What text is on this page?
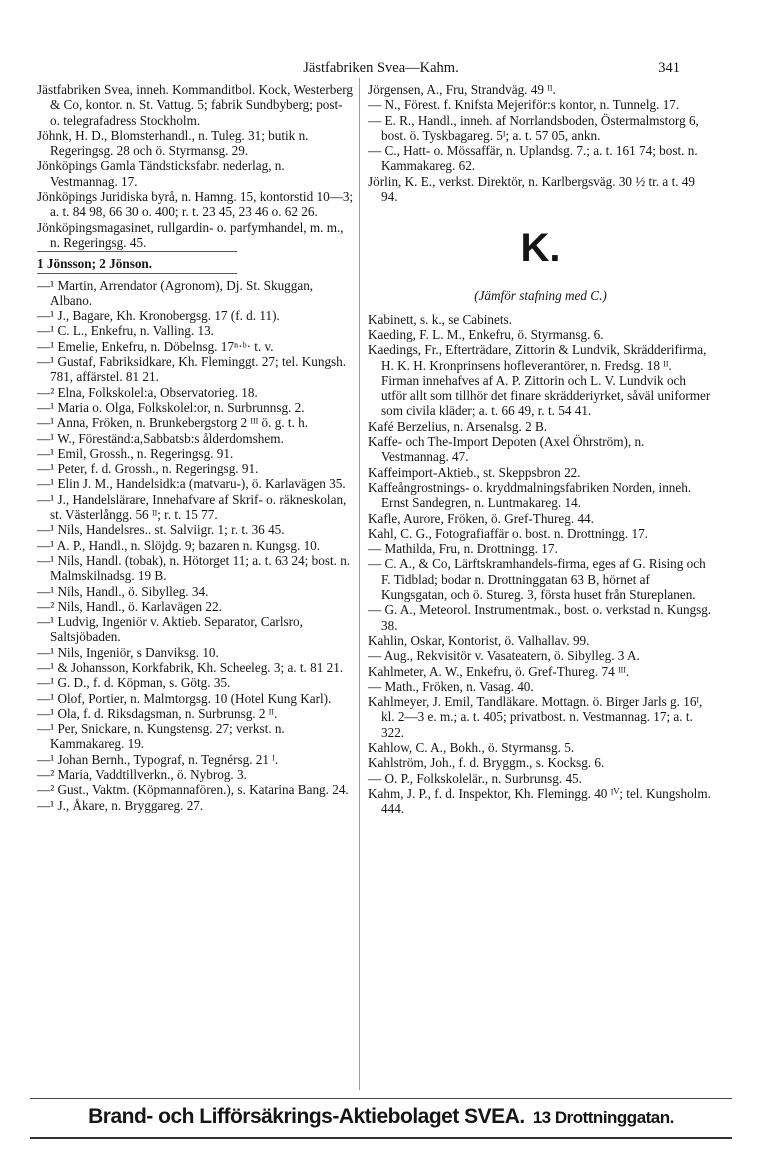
Jästfabriken Svea—Kahm.	341
Jästfabriken Svea, inneh. Kommanditbol. Kock, Westerberg & Co, kontor. n. St. Vattug. 5; fabrik Sundbyberg; post- o. telegrafadress Stockholm.
Jöhnk, H. D., Blomsterhandl., n. Tuleg. 31; butik n. Regeringsg. 28 och ö. Styrmansg. 29.
Jönköpings Gamla Tändsticksfabr. nederlag, n. Vestmannag. 17.
Jönköpings Juridiska byrå, n. Hamng. 15, kontorstid 10—3; a. t. 84 98, 66 30 o. 400; r. t. 23 45, 23 46 o. 62 26.
Jönköpingsmagasinet, rullgardin- o. parfymhandel, m. m., n. Regeringsg. 45.
1 Jönsson; 2 Jönson.
—¹ Martin, Arrendator (Agronom), Dj. St. Skuggan, Albano.
—¹ J., Bagare, Kh. Kronobergsg. 17 (f. d. 11).
—¹ C. L., Enkefru, n. Valling. 13.
—¹ Emelie, Enkefru, n. Döbelnsg. 17ⁿ·ᵇ· t. v.
—¹ Gustaf, Fabriksidkare, Kh. Fleminggt. 27; tel. Kungsh. 781, affärstel. 81 21.
—² Elna, Folkskolel:a, Observatorieg. 18.
—¹ Maria o. Olga, Folkskolel:or, n. Surbrunnsg. 2.
—¹ Anna, Fröken, n. Brunkebergstorg 2 ᴵᴵᴵ ö. g. t. h.
—¹ W., Föreständ:a,Sabbatsb:s ålderdomshem.
—¹ Emil, Grossh., n. Regeringsg. 91.
—¹ Peter, f. d. Grossh., n. Regeringsg. 91.
—¹ Elin J. M., Handelsidk:a (matvaru-), ö. Karlavägen 35.
—¹ J., Handelslärare, Innehafvare af Skrif- o. räkneskolan, st. Västerlångg. 56 ᴵᴵ; r. t. 15 77.
—¹ Nils, Handelsres.. st. Salviigr. 1; r. t. 36 45.
—¹ A. P., Handl., n. Slöjdg. 9; bazaren n. Kungsg. 10.
—¹ Nils, Handl. (tobak), n. Hötorget 11; a. t. 63 24; bost. n. Malmskilnadsg. 19 B.
—¹ Nils, Handl., ö. Sibylleg. 34.
—² Nils, Handl., ö. Karlavägen 22.
—¹ Ludvig, Ingeniör v. Aktieb. Separator, Carlsro, Saltsjöbaden.
—¹ Nils, Ingeniör, s Danviksg. 10.
—¹ & Johansson, Korkfabrik, Kh. Scheeleg. 3; a. t. 81 21.
—¹ G. D., f. d. Köpman, s. Götg. 35.
—¹ Olof, Portier, n. Malmtorgsg. 10 (Hotel Kung Karl).
—¹ Ola, f. d. Riksdagsman, n. Surbrunsg. 2 ᴵᴵ.
—¹ Per, Snickare, n. Kungstensg. 27; verkst. n. Kammakareg. 19.
—¹ Johan Bernh., Typograf, n. Tegnérsg. 21 ᴵ.
—² Maria, Vaddtillverkn., ö. Nybrog. 3.
—² Gust., Vaktm. (Köpmannafören.), s. Katarina Bang. 24.
—¹ J., Åkare, n. Bryggareg. 27.
Jörgensen, A., Fru, Strandväg. 49 ᴵᴵ.
— N., Förest. f. Knifsta Mejeriför:s kontor, n. Tunnelg. 17.
— E. R., Handl., inneh. af Norrlandsboden, Östermalmstorg 6, bost. ö. Tyskbagareg. 5ᴵ; a. t. 57 05, ankn.
— C., Hatt- o. Mössaffär, n. Uplandsg. 7.; a. t. 161 74; bost. n. Kammakareg. 62.
Jörlin, K. E., verkst. Direktör, n. Karlbergsväg. 30 ½ tr. a t. 49 94.
K.
(Jämför stafning med C.)
Kabinett, s. k., se Cabinets.
Kaeding, F. L. M., Enkefru, ö. Styrmansg. 6.
Kaedings, Fr., Efterträdare, Zittorin & Lundvik, Skrädderifirma, H. K. H. Kronprinsens hofleverantörer, n. Fredsg. 18 ᴵᴵ. Firman innehafves af A. P. Zittorin och L. V. Lundvik och utför allt som tillhör det finare skrädderiyrket, såväl uniformer som civila kläder; a. t. 66 49, r. t. 54 41.
Kafé Berzelius, n. Arsenalsg. 2 B.
Kaffe- och The-Import Depoten (Axel Öhrström), n. Vestmannag. 47.
Kaffeimport-Aktieb., st. Skeppsbron 22.
Kaffeångrostnings- o. kryddmalningsfabriken Norden, inneh. Ernst Sandegren, n. Luntmakareg. 14.
Kafle, Aurore, Fröken, ö. Gref-Thureg. 44.
Kahl, C. G., Fotografiaffär o. bost. n. Drottningg. 17.
— Mathilda, Fru, n. Drottningg. 17.
— C. A., & Co, Lärftskramhandels-firma, eges af G. Rising och F. Tidblad; bodar n. Drottninggatan 63 B, hörnet af Kungsgatan, och ö. Stureg. 3, första huset från Stureplanen.
— G. A., Meteorol. Instrumentmak., bost. o. verkstad n. Kungsg. 38.
Kahlin, Oskar, Kontorist, ö. Valhallav. 99.
— Aug., Rekvisitör v. Vasateatern, ö. Sibylleg. 3 A.
Kahlmeter, A. W., Enkefru, ö. Gref-Thureg. 74 ᴵᴵᴵ.
— Math., Fröken, n. Vasag. 40.
Kahlmeyer, J. Emil, Tandläkare. Mottagn. ö. Birger Jarls g. 16ᴵ, kl. 2—3 e. m.; a. t. 405; privatbost. n. Vestmannag. 17; a. t. 322.
Kahlow, C. A., Bokh., ö. Styrmansg. 5.
Kahlström, Joh., f. d. Bryggm., s. Kocksg. 6.
— O. P., Folkskolelär., n. Surbrunsg. 45.
Kahm, J. P., f. d. Inspektor, Kh. Flemingg. 40 ᴵⱽ; tel. Kungsholm. 444.
Brand- och Lifförsäkrings-Aktiebolaget SVEA. 13 Drottninggatan.
